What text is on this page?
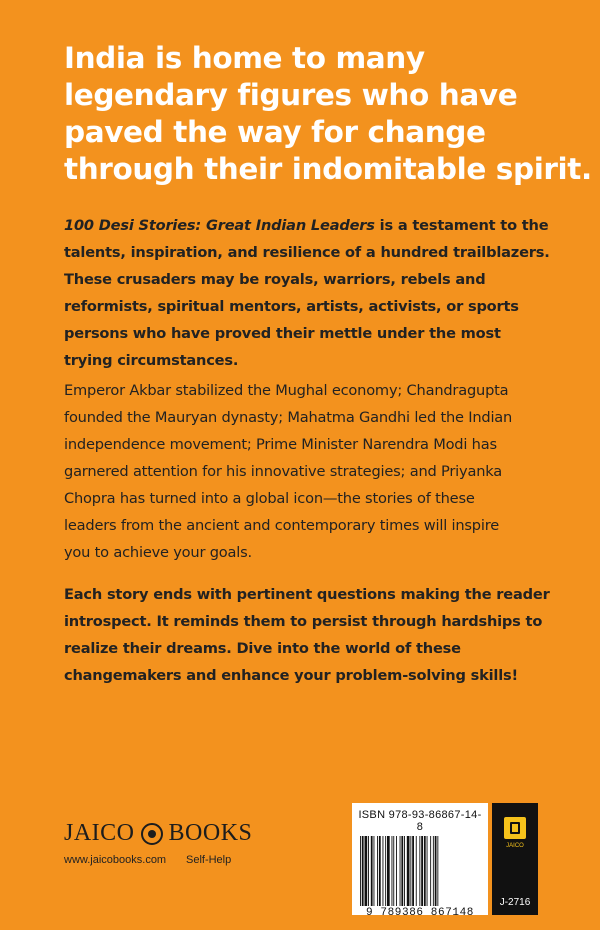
India is home to many
legendary figures who have
paved the way for change
through their indomitable spirit.

100 Desi Stories: Great Indian Leaders is a testament to the
talents, inspiration, and resilience of a hundred trailblazers.
These crusaders may be royals, warriors, rebels and
reformists, spiritual mentors, artists, activists, or sports
persons who have proved their mettle under the most
trying circumstances.

Emperor Akbar stabilized the Mughal economy; Chandragupta
founded the Mauryan dynasty; Mahatma Gandhi led the Indian
independence movement; Prime Minister Narendra Modi has
garnered attention for his innovative strategies; and Priyanka
Chopra has turned into a global icon—the stories of these
leaders from the ancient and contemporary times will inspire
you to achieve your goals.

Each story ends with pertinent questions making the reader
introspect. It reminds them to persist through hardships to
realize their dreams. Dive into the world of these
changemakers and enhance your problem-solving skills!

JAICO BOOKS
www.jaicobooks.com Self-Help
ISBN 978-93-86867-14-8
9 789386 867148
JAICO
J-2716
